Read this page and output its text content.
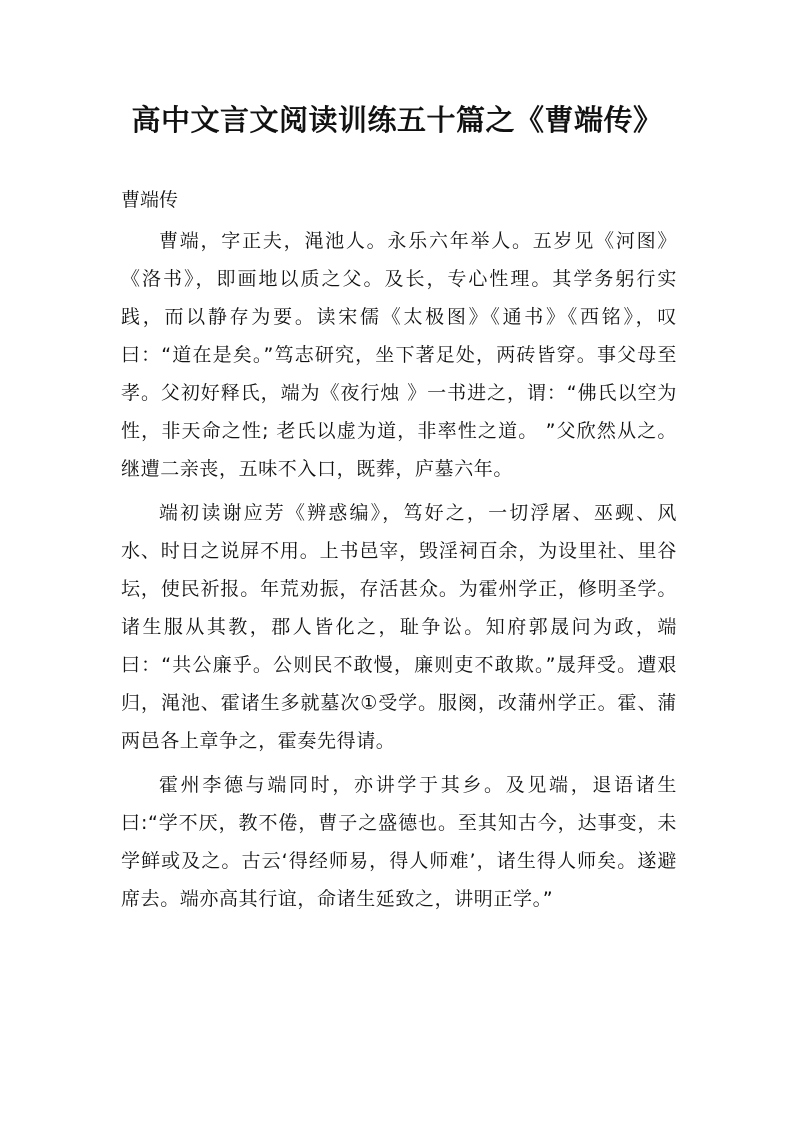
高中文言文阅读训练五十篇之《曹端传》
曹端传

曹端，字正夫，渑池人。永乐六年举人。五岁见《河图》《洛书》，即画地以质之父。及长，专心性理。其学务躬行实践，而以静存为要。读宋儒《太极图》《通书》《西铭》，叹曰：“道在是矣。”笃志研究，坐下著足处，两砖皆穿。事父母至孝。父初好释氏，端为《夜行烛 》一书进之，谓：“佛氏以空为性，非天命之性; 老氏以虚为道，非率性之道。 ”父欣然从之。继遭二亲丧，五味不入口，既葬，庐墓六年。

端初读谢应芳《辨惑编》，笃好之，一切浮屠、巫觋、风水、时日之说屏不用。上书邑宰，毁淫祠百余，为设里社、里谷坛，使民祈报。年荒劝振，存活甚众。为霍州学正，修明圣学。诸生服从其教，郡人皆化之，耻争讼。知府郭晟问为政，端曰：“共公廉乎。公则民不敢慢，廉则吏不敢欺。”晟拜受。遭艰归，渑池、霍诸生多就墓次①受学。服阕，改蒲州学正。霍、蒲两邑各上章争之，霍奏先得请。

霍州李德与端同时，亦讲学于其乡。及见端，退语诸生曰:“学不厌，教不倦，曹子之盛德也。至其知古今，达事变，未学鲜或及之。古云‘得经师易，得人师难’，诸生得人师矣。遂避席去。端亦高其行谊，命诸生延致之，讲明正学。”
